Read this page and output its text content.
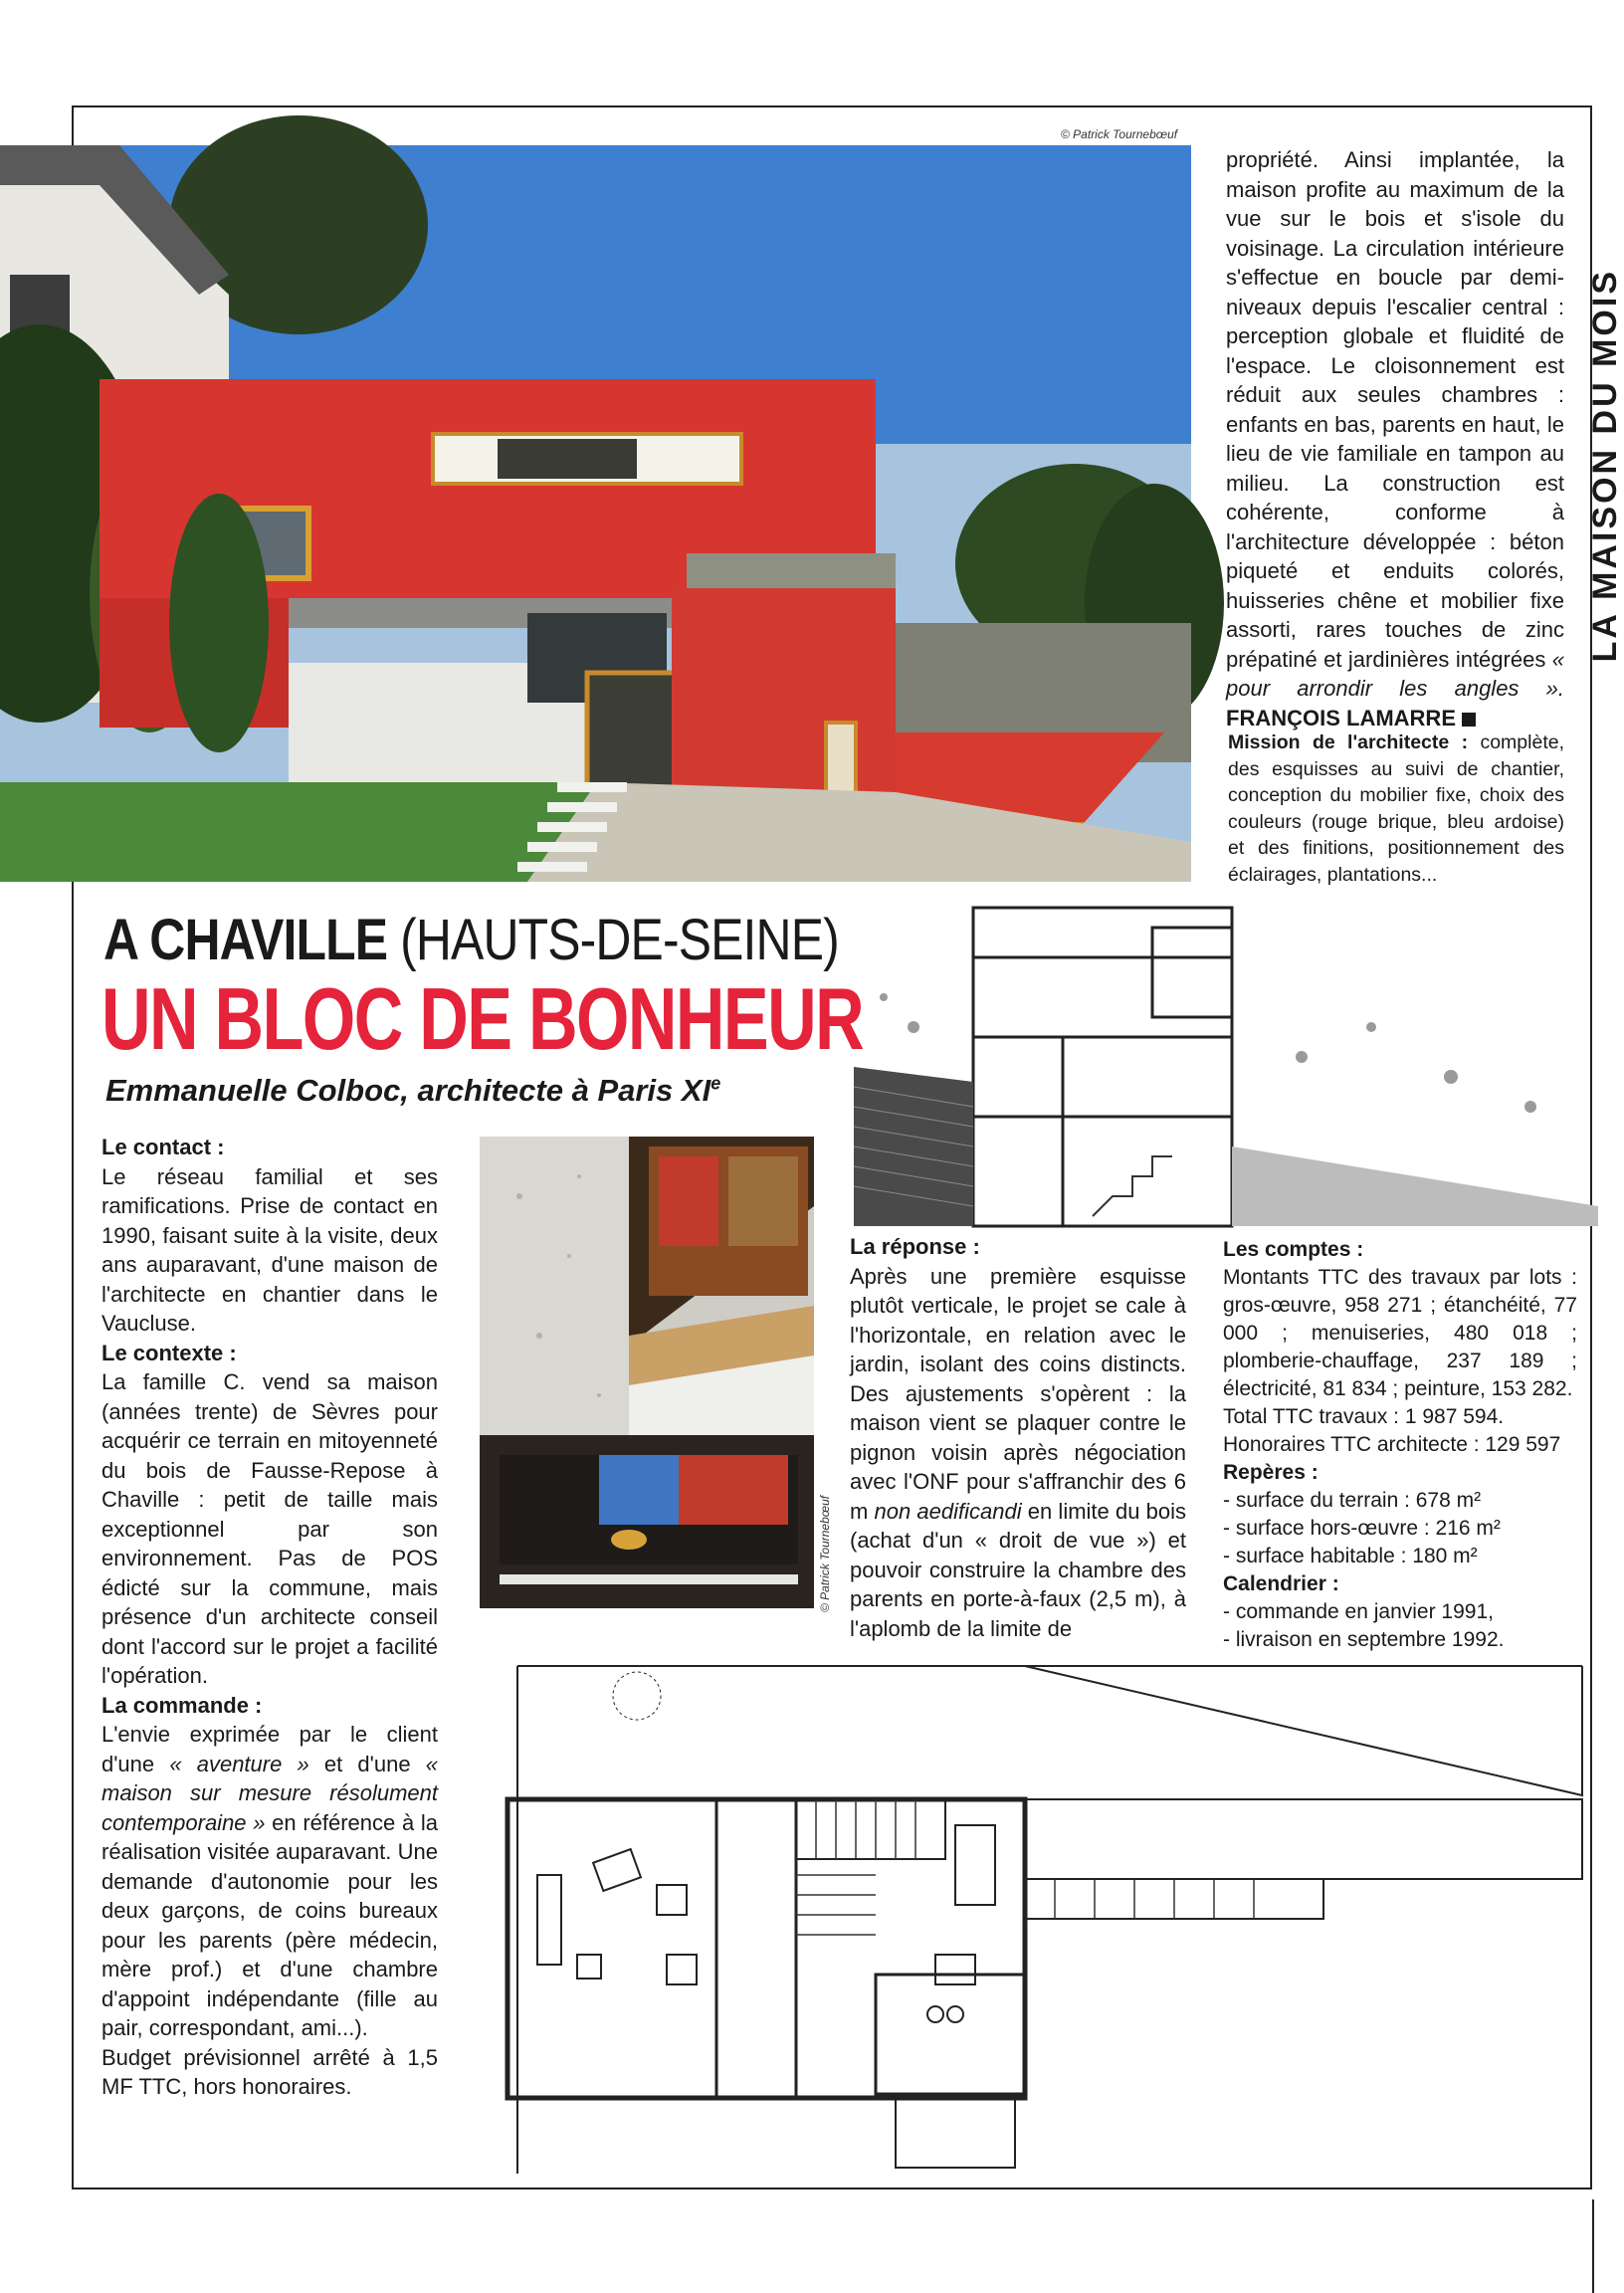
© Patrick Tournebœuf

propriété. Ainsi implantée, la maison profite au maximum de la vue sur le bois et s'isole du voisinage. La circulation intérieure s'effectue en boucle par demi-niveaux depuis l'escalier central : perception globale et fluidité de l'espace. Le cloisonnement est réduit aux seules chambres : enfants en bas, parents en haut, le lieu de vie familiale en tampon au milieu. La construction est cohérente, conforme à l'architecture développée : béton piqueté et enduits colorés, huisseries chêne et mobilier fixe assorti, rares touches de zinc prépatiné et jardinières intégrées « pour arrondir les angles ». FRANÇOIS LAMARRE

Mission de l'architecte : complète, des esquisses au suivi de chantier, conception du mobilier fixe, choix des couleurs (rouge brique, bleu ardoise) et des finitions, positionnement des éclairages, plantations...
LA MAISON DU MOIS
A CHAVILLE (HAUTS-DE-SEINE)
UN BLOC DE BONHEUR
Emmanuelle Colboc, architecte à Paris XIe

Le contact :

Le réseau familial et ses ramifications. Prise de contact en 1990, faisant suite à la visite, deux ans auparavant, d'une maison de l'architecte en chantier dans le Vaucluse.

Le contexte :

La famille C. vend sa maison (années trente) de Sèvres pour acquérir ce terrain en mitoyenneté du bois de Fausse-Repose à Chaville : petit de taille mais exceptionnel par son environnement. Pas de POS édicté sur la commune, mais présence d'un architecte conseil dont l'accord sur le projet a facilité l'opération.

La commande :

L'envie exprimée par le client d'une « aventure » et d'une « maison sur mesure résolument contemporaine » en référence à la réalisation visitée auparavant. Une demande d'autonomie pour les deux garçons, de coins bureaux pour les parents (père médecin, mère prof.) et d'une chambre d'appoint indépendante (fille au pair, correspondant, ami...).

Budget prévisionnel arrêté à 1,5 MF TTC, hors honoraires.

© Patrick Tournebœuf

La réponse :

Après une première esquisse plutôt verticale, le projet se cale à l'horizontale, en relation avec le jardin, isolant des coins distincts. Des ajustements s'opèrent : la maison vient se plaquer contre le pignon voisin après négociation avec l'ONF pour s'affranchir des 6 m non aedificandi en limite du bois (achat d'un « droit de vue ») et pouvoir construire la chambre des parents en porte-à-faux (2,5 m), à l'aplomb de la limite de

Les comptes :
Montants TTC des travaux par lots : gros-œuvre, 958 271 ; étanchéité, 77 000 ; menuiseries, 480 018 ; plomberie-chauffage, 237 189 ; électricité, 81 834 ; peinture, 153 282.
Total TTC travaux : 1 987 594.
Honoraires TTC architecte : 129 597
Repères :
- surface du terrain : 678 m²
- surface hors-œuvre : 216 m²
- surface habitable : 180 m²
Calendrier :
- commande en janvier 1991,
- livraison en septembre 1992.
